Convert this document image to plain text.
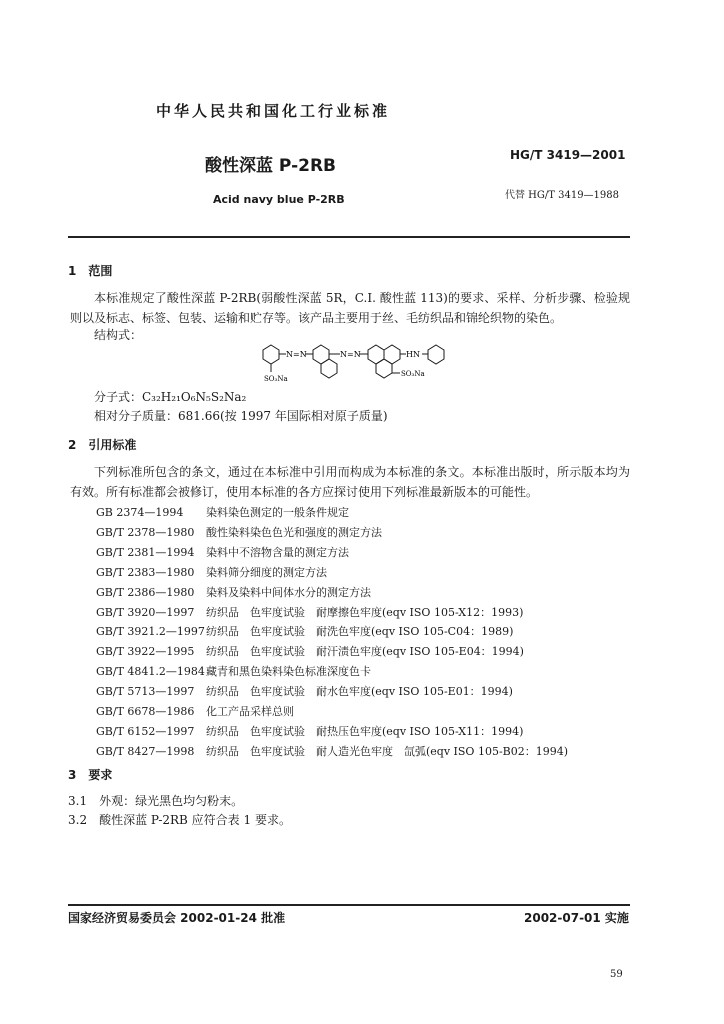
中华人民共和国化工行业标准
酸性深蓝 P-2RB
Acid navy blue P-2RB
HG/T 3419—2001
代替 HG/T 3419—1988
1　范围
本标准规定了酸性深蓝 P-2RB(弱酸性深蓝 5R，C.I. 酸性蓝 113)的要求、采样、分析步骤、检验规则以及标志、标签、包装、运输和贮存等。该产品主要用于丝、毛纺织品和锦纶织物的染色。
结构式：
SO₃Na
N=N	N=N	HN
SO₃Na
分子式：C₃₂H₂₁O₆N₅S₂Na₂
相对分子质量：681.66(按 1997 年国际相对原子质量)
2　引用标准
下列标准所包含的条文，通过在本标准中引用而构成为本标准的条文。本标准出版时，所示版本均为有效。所有标准都会被修订，使用本标准的各方应探讨使用下列标准最新版本的可能性。
GB 2374—1994 染料染色测定的一般条件规定
GB/T 2378—1980 酸性染料染色色光和强度的测定方法
GB/T 2381—1994 染料中不溶物含量的测定方法
GB/T 2383—1980 染料筛分细度的测定方法
GB/T 2386—1980 染料及染料中间体水分的测定方法
GB/T 3920—1997 纺织品　色牢度试验　耐摩擦色牢度(eqv ISO 105-X12：1993)
GB/T 3921.2—1997纺织品　色牢度试验　耐洗色牢度(eqv ISO 105-C04：1989)
GB/T 3922—1995 纺织品　色牢度试验　耐汗渍色牢度(eqv ISO 105-E04：1994)
GB/T 4841.2—1984藏青和黑色染料染色标准深度色卡
GB/T 5713—1997 纺织品　色牢度试验　耐水色牢度(eqv ISO 105-E01：1994)
GB/T 6678—1986 化工产品采样总则
GB/T 6152—1997 纺织品　色牢度试验　耐热压色牢度(eqv ISO 105-X11：1994)
GB/T 8427—1998 纺织品　色牢度试验　耐人造光色牢度　氙弧(eqv ISO 105-B02：1994)
3　要求
3.1　外观：绿光黑色均匀粉末。
3.2　酸性深蓝 P-2RB 应符合表 1 要求。
国家经济贸易委员会 2002-01-24 批准	2002-07-01 实施
59
